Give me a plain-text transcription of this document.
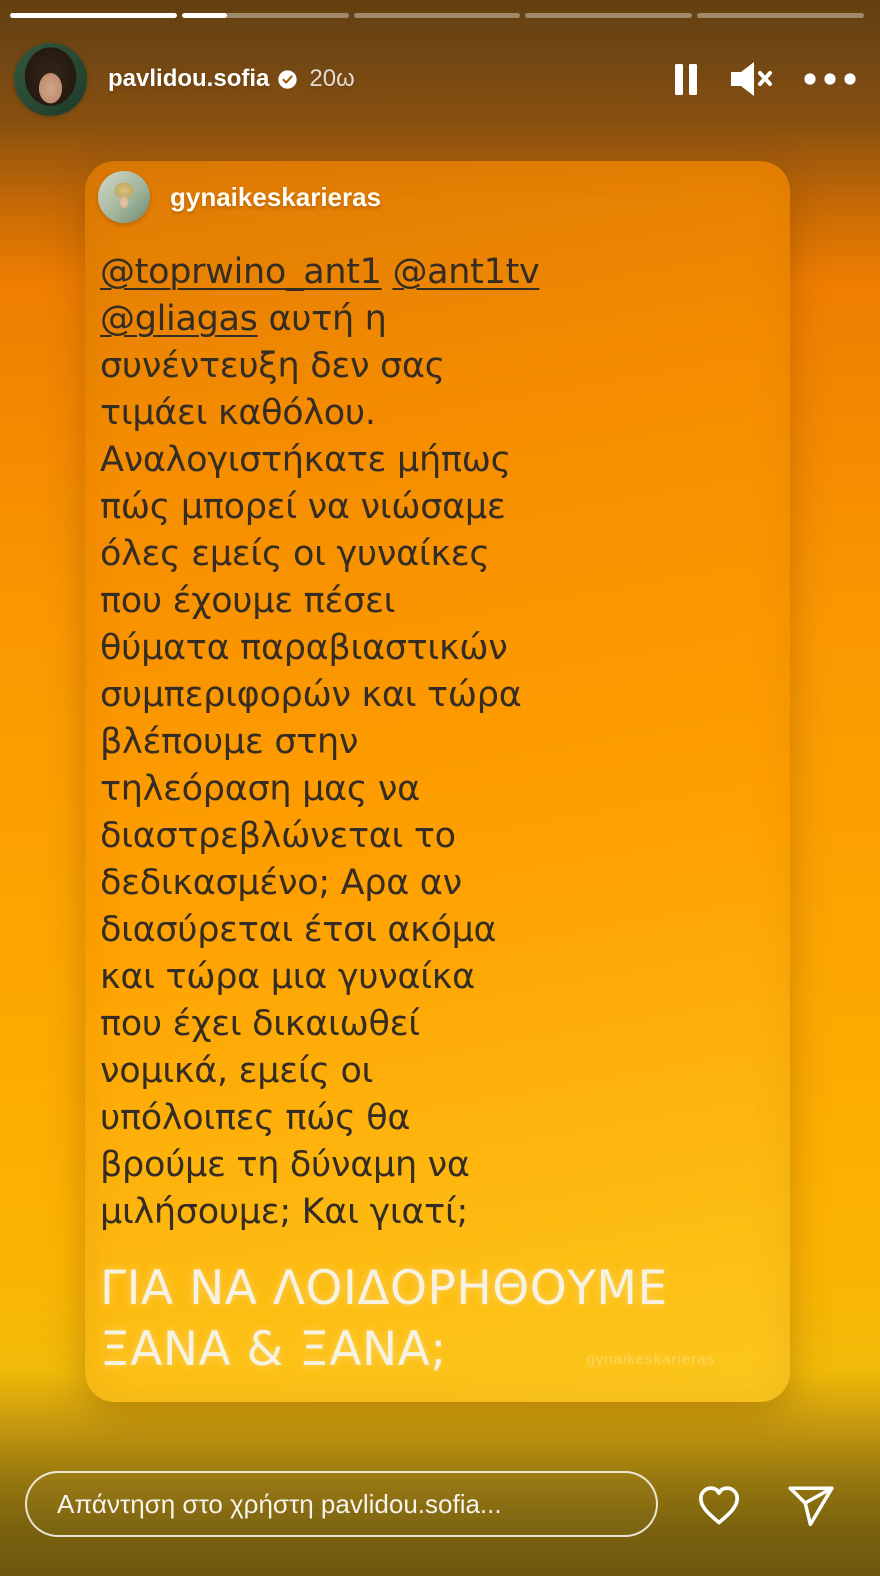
pavlidou.sofia 20ω
gynaikeskarieras
@toprwino_ant1 @ant1tv
@gliagas αυτή η
συνέντευξη δεν σας
τιμάει καθόλου.
Αναλογιστήκατε μήπως
πώς μπορεί να νιώσαμε
όλες εμείς οι γυναίκες
που έχουμε πέσει
θύματα παραβιαστικών
συμπεριφορών και τώρα
βλέπουμε στην
τηλεόραση μας να
διαστρεβλώνεται το
δεδικασμένο; Αρα αν
διασύρεται έτσι ακόμα
και τώρα μια γυναίκα
που έχει δικαιωθεί
νομικά, εμείς οι
υπόλοιπες πώς θα
βρούμε τη δύναμη να
μιλήσουμε; Και γιατί;
ΓΙΑ ΝΑ ΛΟΙΔΟΡΗΘΟΥΜΕ
ΞΑΝΑ & ΞΑΝΑ;	gynaikeskarieras
Απάντηση στο χρήστη pavlidou.sofia...
